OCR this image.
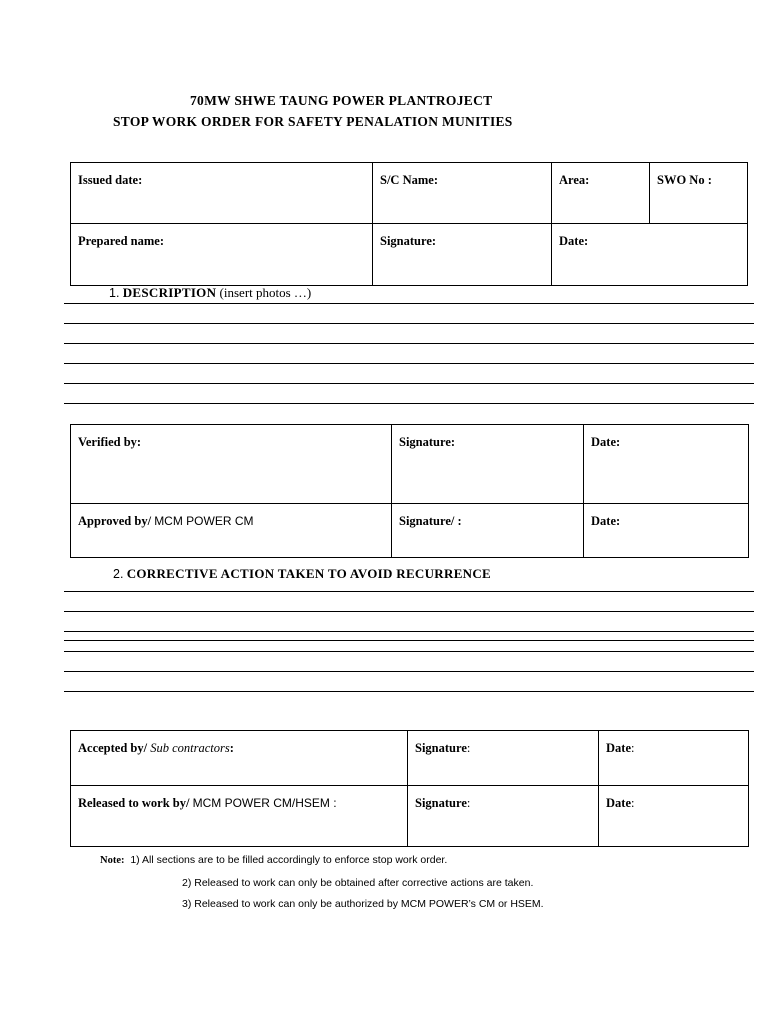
70MW SHWE TAUNG POWER PLANTROJECT
STOP WORK ORDER FOR SAFETY PENALATION MUNITIES
Issued date:	S/C Name:	Area:	SWO No :
Prepared name:	Signature:	Date:	
1. DESCRIPTION (insert photos …)
Verified by:	Signature:	Date:
Approved by/ MCM POWER CM	Signature/ :	Date:
2. CORRECTIVE ACTION TAKEN TO AVOID RECURRENCE
Accepted by/ Sub contractors:	Signature:	Date:
Released to work by/ MCM POWER CM/HSEM :	Signature:	Date:
Note: 1) All sections are to be filled accordingly to enforce stop work order.
2) Released to work can only be obtained after corrective actions are taken.
3) Released to work can only be authorized by MCM POWER’s CM or HSEM.
